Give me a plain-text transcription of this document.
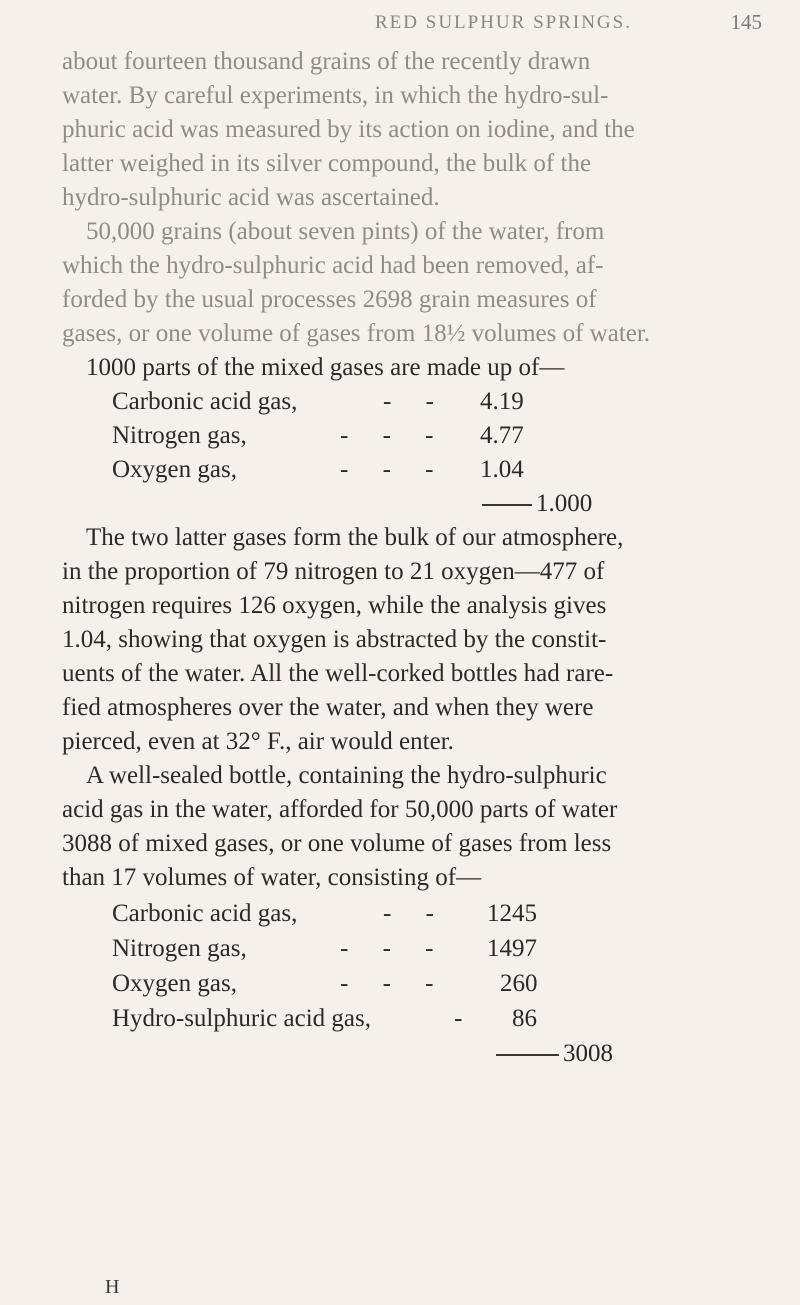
RED SULPHUR SPRINGS.	145
about fourteen thousand grains of the recently drawn
water. By careful experiments, in which the hydro-sul-
phuric acid was measured by its action on iodine, and the
latter weighed in its silver compound, the bulk of the
hydro-sulphuric acid was ascertained.
50,000 grains (about seven pints) of the water, from
which the hydro-sulphuric acid had been removed, af-
forded by the usual processes 2698 grain measures of
gases, or one volume of gases from 18½ volumes of water.
1000 parts of the mixed gases are made up of—
Carbonic acid gas,	- - 4.19
Nitrogen gas,	- - - 4.77
Oxygen gas,	- - - 1.04
1.000
The two latter gases form the bulk of our atmosphere,
in the proportion of 79 nitrogen to 21 oxygen—477 of
nitrogen requires 126 oxygen, while the analysis gives
1.04, showing that oxygen is abstracted by the constit-
uents of the water. All the well-corked bottles had rare-
fied atmospheres over the water, and when they were
pierced, even at 32° F., air would enter.
A well-sealed bottle, containing the hydro-sulphuric
acid gas in the water, afforded for 50,000 parts of water
3088 of mixed gases, or one volume of gases from less
than 17 volumes of water, consisting of—
Carbonic acid gas,	- - 1245
Nitrogen gas,	- - - 1497
Oxygen gas,	- - - 260
Hydro-sulphuric acid gas,	- 86
3008
H
